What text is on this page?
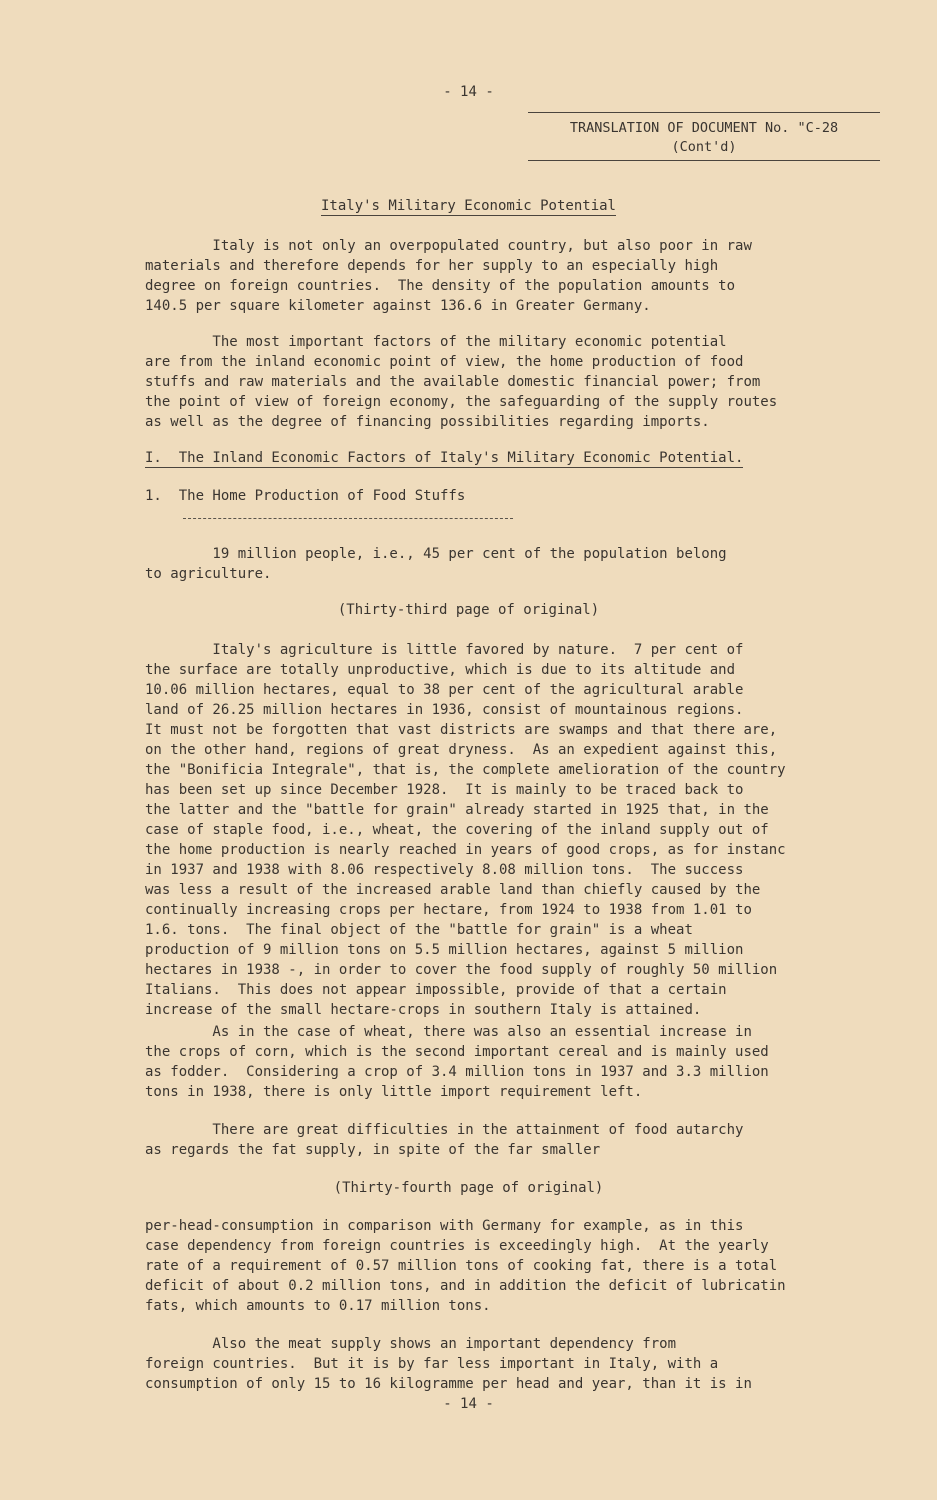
- 14 -
TRANSLATION OF DOCUMENT No. "C-28
(Cont'd)
Italy's Military Economic Potential

Italy is not only an overpopulated country, but also poor in raw
materials and therefore depends for her supply to an especially high
degree on foreign countries.  The density of the population amounts to
140.5 per square kilometer against 136.6 in Greater Germany.

The most important factors of the military economic potential
are from the inland economic point of view, the home production of food
stuffs and raw materials and the available domestic financial power; from
the point of view of foreign economy, the safeguarding of the supply routes
as well as the degree of financing possibilities regarding imports.

I.  The Inland Economic Factors of Italy's Military Economic Potential.

1.  The Home Production of Food Stuffs

19 million people, i.e., 45 per cent of the population belong
to agriculture.

(Thirty-third page of original)

Italy's agriculture is little favored by nature.  7 per cent of
the surface are totally unproductive, which is due to its altitude and
10.06 million hectares, equal to 38 per cent of the agricultural arable
land of 26.25 million hectares in 1936, consist of mountainous regions.
It must not be forgotten that vast districts are swamps and that there are,
on the other hand, regions of great dryness.  As an expedient against this,
the "Bonificia Integrale", that is, the complete amelioration of the country
has been set up since December 1928.  It is mainly to be traced back to
the latter and the "battle for grain" already started in 1925 that, in the
case of staple food, i.e., wheat, the covering of the inland supply out of
the home production is nearly reached in years of good crops, as for instanc
in 1937 and 1938 with 8.06 respectively 8.08 million tons.  The success
was less a result of the increased arable land than chiefly caused by the
continually increasing crops per hectare, from 1924 to 1938 from 1.01 to
1.6. tons.  The final object of the "battle for grain" is a wheat
production of 9 million tons on 5.5 million hectares, against 5 million
hectares in 1938 -, in order to cover the food supply of roughly 50 million
Italians.  This does not appear impossible, provide of that a certain
increase of the small hectare-crops in southern Italy is attained.

As in the case of wheat, there was also an essential increase in
the crops of corn, which is the second important cereal and is mainly used
as fodder.  Considering a crop of 3.4 million tons in 1937 and 3.3 million
tons in 1938, there is only little import requirement left.

There are great difficulties in the attainment of food autarchy
as regards the fat supply, in spite of the far smaller

(Thirty-fourth page of original)

per-head-consumption in comparison with Germany for example, as in this
case dependency from foreign countries is exceedingly high.  At the yearly
rate of a requirement of 0.57 million tons of cooking fat, there is a total
deficit of about 0.2 million tons, and in addition the deficit of lubricatin
fats, which amounts to 0.17 million tons.

Also the meat supply shows an important dependency from
foreign countries.  But it is by far less important in Italy, with a
consumption of only 15 to 16 kilogramme per head and year, than it is in

- 14 -
